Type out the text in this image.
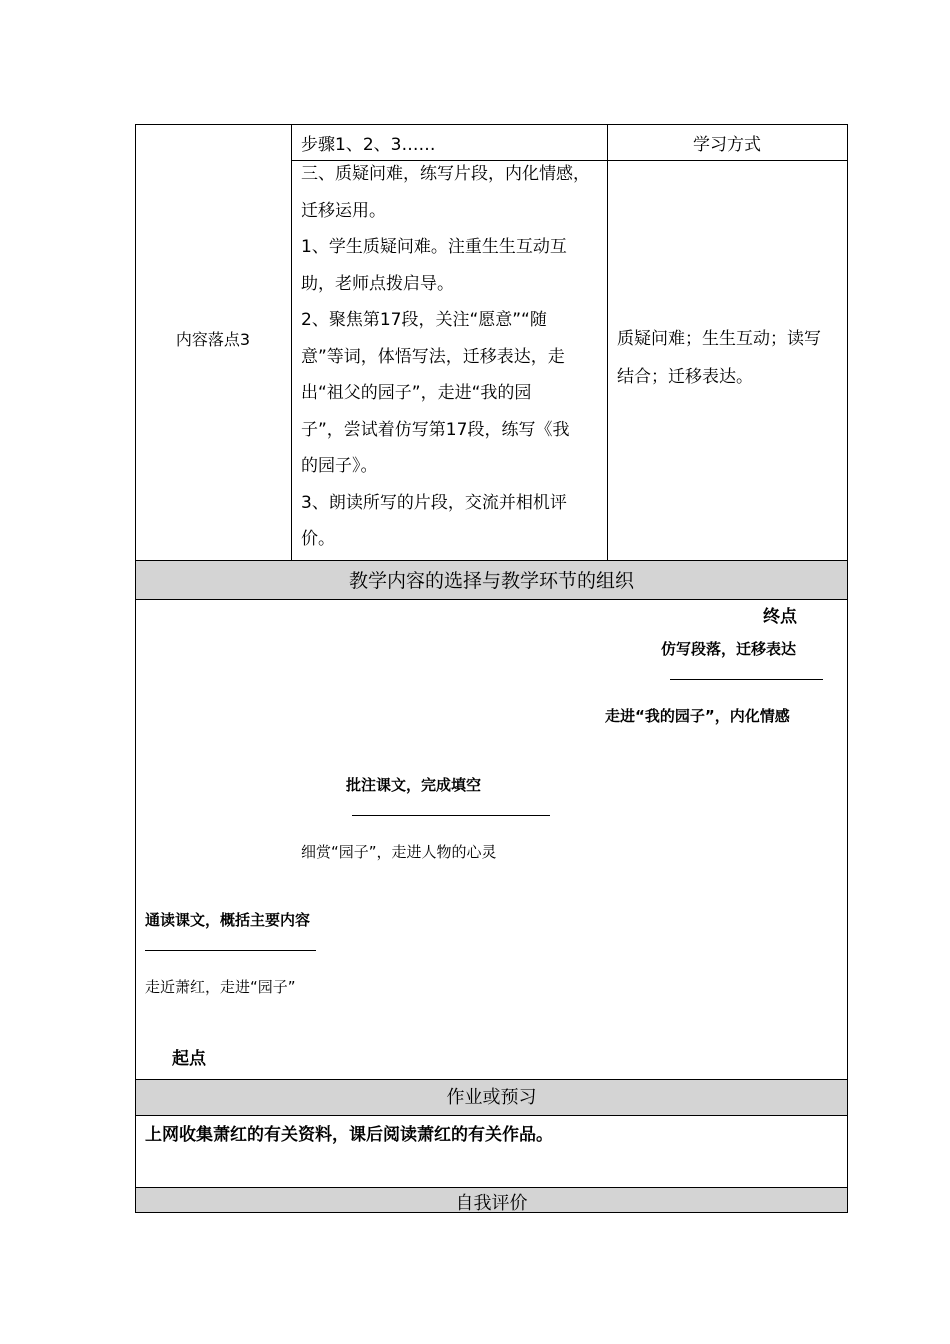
内容落点3
步骤1、2、3……	学习方式
三、质疑问难，练写片段，内化情感，
迁移运用。
1、学生质疑问难。注重生生互动互
助，老师点拨启导。
2、聚焦第17段，关注“愿意”“随
意”等词，体悟写法，迁移表达，走
出“祖父的园子”，走进“我的园
子”，尝试着仿写第17段，练写《我
的园子》。
3、朗读所写的片段，交流并相机评
价。
质疑问难；生生互动；读写
结合；迁移表达。
教学内容的选择与教学环节的组织
终点
仿写段落，迁移表达
走进“我的园子”，内化情感
批注课文，完成填空
细赏“园子”，走进人物的心灵
通读课文，概括主要内容
走近萧红，走进“园子”
起点
作业或预习
上网收集萧红的有关资料，课后阅读萧红的有关作品。
自我评价
